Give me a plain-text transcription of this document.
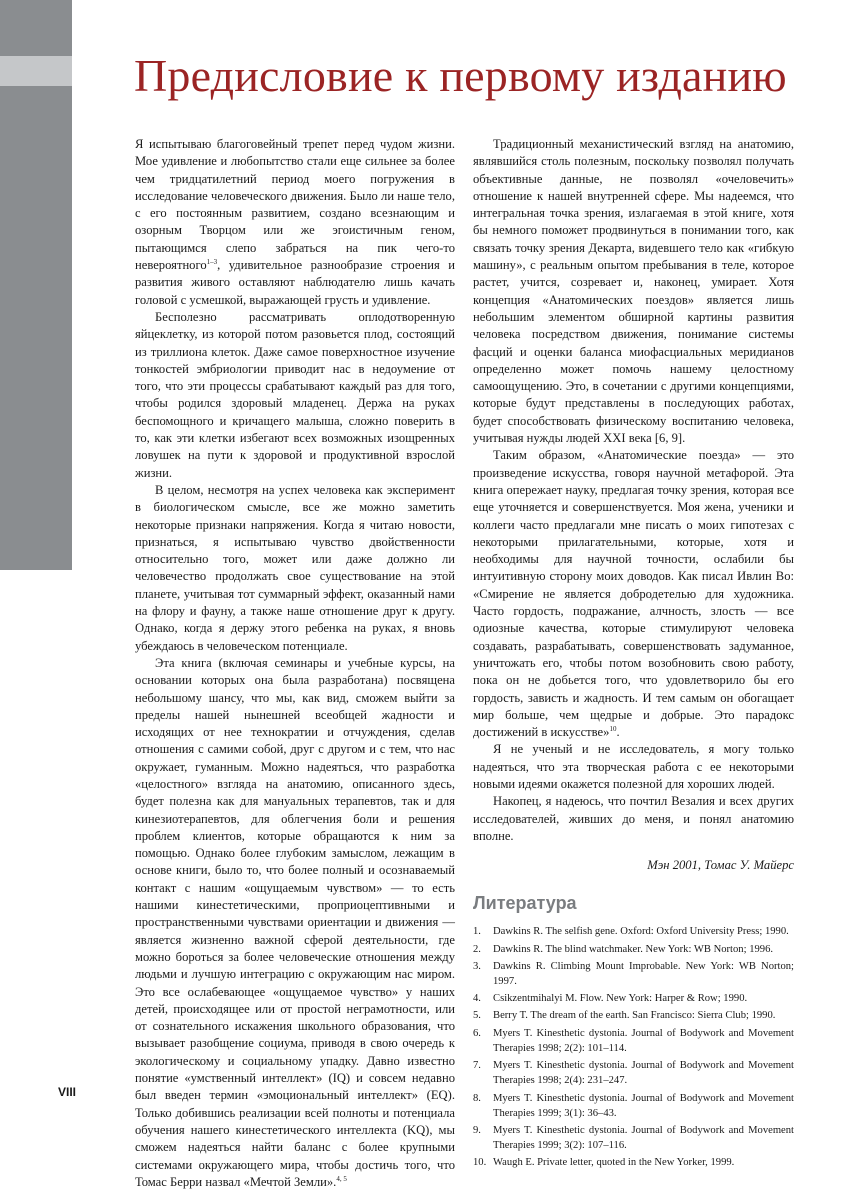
Предисловие к первому изданию

Я испытываю благоговейный трепет перед чудом жизни. Мое удивление и любопытство стали еще сильнее за более чем тридцатилетний период моего погружения в исследование человеческого движения. Было ли наше тело, с его постоянным развитием, создано всезнающим и озорным Творцом или же эгоистичным геном, пытающимся слепо забраться на пик чего-то невероятного$^{1-3}$, удивительное разнообразие строения и развития живого оставляют наблюдателю лишь качать головой с усмешкой, выражающей грусть и удивление.

Бесполезно рассматривать оплодотворенную яйцеклетку, из которой потом разовьется плод, состоящий из триллиона клеток. Даже самое поверхностное изучение тонкостей эмбриологии приводит нас в недоумение от того, что эти процессы срабатывают каждый раз для того, чтобы родился здоровый младенец. Держа на руках беспомощного и кричащего малыша, сложно поверить в то, как эти клетки избегают всех возможных изощренных ловушек на пути к здоровой и продуктивной взрослой жизни.

В целом, несмотря на успех человека как эксперимент в биологическом смысле, все же можно заметить некоторые признаки напряжения. Когда я читаю новости, признаться, я испытываю чувство двойственности относительно того, может или даже должно ли человечество продолжать свое существование на этой планете, учитывая тот суммарный эффект, оказанный нами на флору и фауну, а также наше отношение друг к другу. Однако, когда я держу этого ребенка на руках, я вновь убеждаюсь в человеческом потенциале.

Эта книга (включая семинары и учебные курсы, на основании которых она была разработана) посвящена небольшому шансу, что мы, как вид, сможем выйти за пределы нашей нынешней всеобщей жадности и исходящих от нее технократии и отчуждения, сделав отношения с самими собой, друг с другом и с тем, что нас окружает, гуманным. Можно надеяться, что разработка «целостного» взгляда на анатомию, описанного здесь, будет полезна как для мануальных терапевтов, так и для кинезиотерапевтов, для облегчения боли и решения проблем клиентов, которые обращаются к ним за помощью. Однако более глубоким замыслом, лежащим в основе книги, было то, что более полный и осознаваемый контакт с нашим «ощущаемым чувством» — то есть нашими кинестетическими, проприоцептивными и пространственными чувствами ориентации и движения — является жизненно важной сферой деятельности, где можно бороться за более человеческие отношения между людьми и лучшую интеграцию с окружающим нас миром. Это все ослабевающее «ощущаемое чувство» у наших детей, происходящее или от простой неграмотности, или от сознательного искажения школьного образования, что вызывает разобщение социума, приводя в свою очередь к экологическому и социальному упадку. Давно известно понятие «умственный интеллект» (IQ) и совсем недавно был введен термин «эмоциональный интеллект» (EQ). Только добившись реализации всей полноты и потенциала обучения нашего кинестетического интеллекта (KQ), мы сможем надеяться найти баланс с более крупными системами окружающего мира, чтобы достичь того, что Томас Берри назвал «Мечтой Земли».$^{4, 5}$

Традиционный механистический взгляд на анатомию, являвшийся столь полезным, поскольку позволял получать объективные данные, не позволял «очеловечить» отношение к нашей внутренней сфере. Мы надеемся, что интегральная точка зрения, излагаемая в этой книге, хотя бы немного поможет продвинуться в понимании того, как связать точку зрения Декарта, видевшего тело как «гибкую машину», с реальным опытом пребывания в теле, которое растет, учится, созревает и, наконец, умирает. Хотя концепция «Анатомических поездов» является лишь небольшим элементом обширной картины развития человека посредством движения, понимание системы фасций и оценки баланса миофасциальных меридианов определенно может помочь нашему целостному самоощущению. Это, в сочетании с другими концепциями, которые будут представлены в последующих работах, будет способствовать физическому воспитанию человека, учитывая нужды людей XXI века [6, 9].

Таким образом, «Анатомические поезда» — это произведение искусства, говоря научной метафорой. Эта книга опережает науку, предлагая точку зрения, которая все еще уточняется и совершенствуется. Моя жена, ученики и коллеги часто предлагали мне писать о моих гипотезах с некоторыми прилагательными, которые, хотя и необходимы для научной точности, ослабили бы интуитивную сторону моих доводов. Как писал Ивлин Во: «Смирение не является добродетелью для художника. Часто гордость, подражание, алчность, злость — все одиозные качества, которые стимулируют человека создавать, разрабатывать, совершенствовать задуманное, уничтожать его, чтобы потом возобновить свою работу, пока он не добьется того, что удовлетворило бы его гордость, зависть и жадность. И тем самым он обогащает мир больше, чем щедрые и добрые. Это парадокс достижений в искусстве»$^{10}$.

Я не ученый и не исследователь, я могу только надеяться, что эта творческая работа с ее некоторыми новыми идеями окажется полезной для хороших людей.

Накопец, я надеюсь, что почтил Везалия и всех других исследователей, живших до меня, и понял анатомию вполне.

Мэн 2001, Томас У. Майерс

Литература
1.	Dawkins R. The selfish gene. Oxford: Oxford University Press; 1990.
2.	Dawkins R. The blind watchmaker. New York: WB Norton; 1996.
3.	Dawkins R. Climbing Mount Improbable. New York: WB Norton; 1997.
4.	Csikzentmihalyi M. Flow. New York: Harper & Row; 1990.
5.	Berry T. The dream of the earth. San Francisco: Sierra Club; 1990.
6.	Myers T. Kinesthetic dystonia. Journal of Bodywork and Movement Therapies 1998; 2(2): 101–114.
7.	Myers T. Kinesthetic dystonia. Journal of Bodywork and Movement Therapies 1998; 2(4): 231–247.
8.	Myers T. Kinesthetic dystonia. Journal of Bodywork and Movement Therapies 1999; 3(1): 36–43.
9.	Myers T. Kinesthetic dystonia. Journal of Bodywork and Movement Therapies 1999; 3(2): 107–116.
10. Waugh E. Private letter, quoted in the New Yorker, 1999.
VIII
